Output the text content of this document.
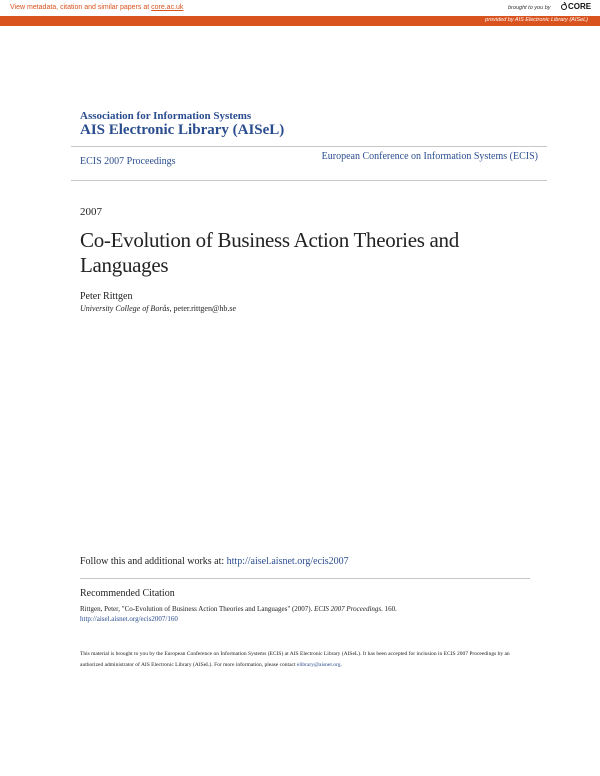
View metadata, citation and similar papers at core.ac.uk	brought to you by	CORE
provided by AIS Electronic Library (AISeL)
Association for Information Systems
AIS Electronic Library (AISeL)
ECIS 2007 Proceedings	European Conference on Information Systems (ECIS)
2007
Co-Evolution of Business Action Theories and Languages
Peter Rittgen
University College of Borås, peter.rittgen@hb.se
Follow this and additional works at: http://aisel.aisnet.org/ecis2007
Recommended Citation
Rittgen, Peter, "Co-Evolution of Business Action Theories and Languages" (2007). ECIS 2007 Proceedings. 160.
http://aisel.aisnet.org/ecis2007/160
This material is brought to you by the European Conference on Information Systems (ECIS) at AIS Electronic Library (AISeL). It has been accepted for inclusion in ECIS 2007 Proceedings by an authorized administrator of AIS Electronic Library (AISeL). For more information, please contact elibrary@aisnet.org.
